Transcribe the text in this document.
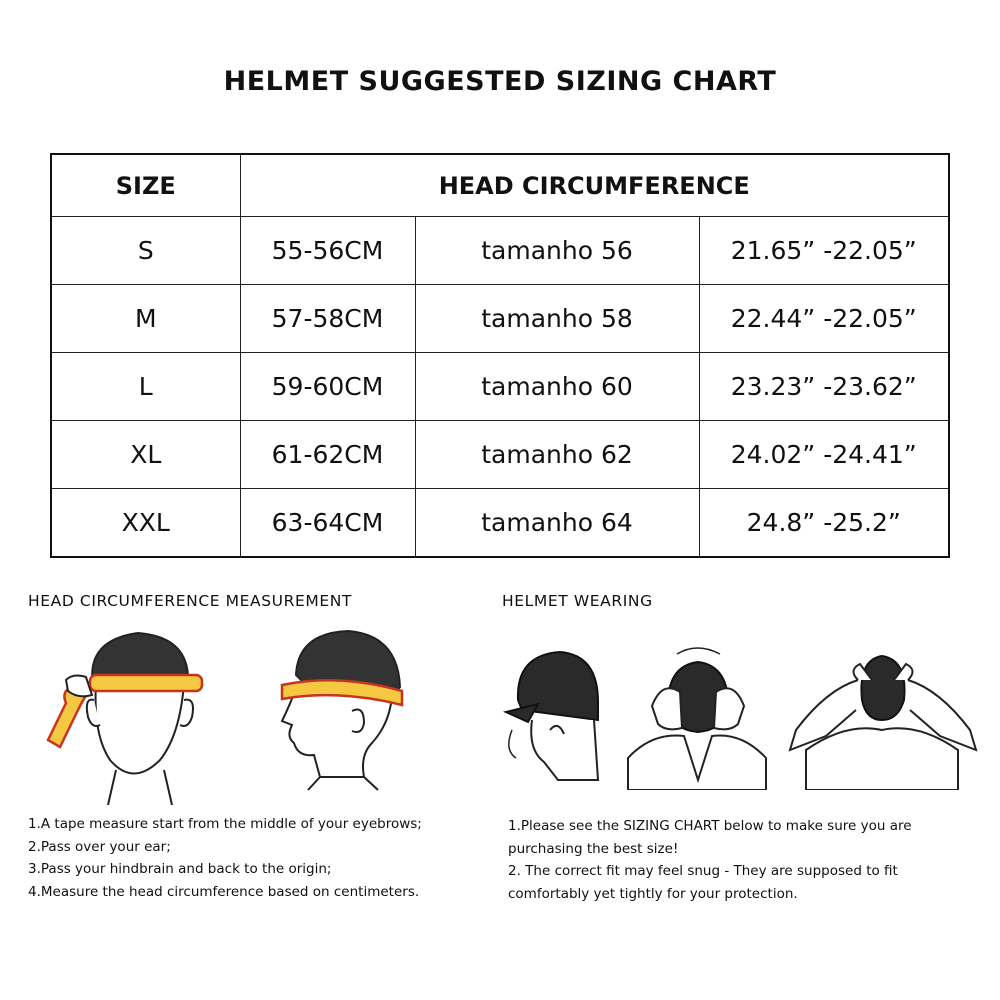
HELMET SUGGESTED SIZING CHART
SIZE	HEAD CIRCUMFERENCE		
S	55-56CM	tamanho 56	21.65” -22.05”
M	57-58CM	tamanho 58	22.44” -22.05”
L	59-60CM	tamanho 60	23.23” -23.62”
XL	61-62CM	tamanho 62	24.02” -24.41”
XXL	63-64CM	tamanho 64	24.8” -25.2”
HEAD CIRCUMFERENCE MEASUREMENT	HELMET WEARING
1.A tape measure start from the middle of your eyebrows;
2.Pass over your ear;
3.Pass your hindbrain and back to the origin;
4.Measure the head circumference based on centimeters.
1.Please see the SIZING CHART below to make sure you are
purchasing the best size!
2. The correct fit may feel snug - They are supposed to fit
comfortably yet tightly for your protection.
